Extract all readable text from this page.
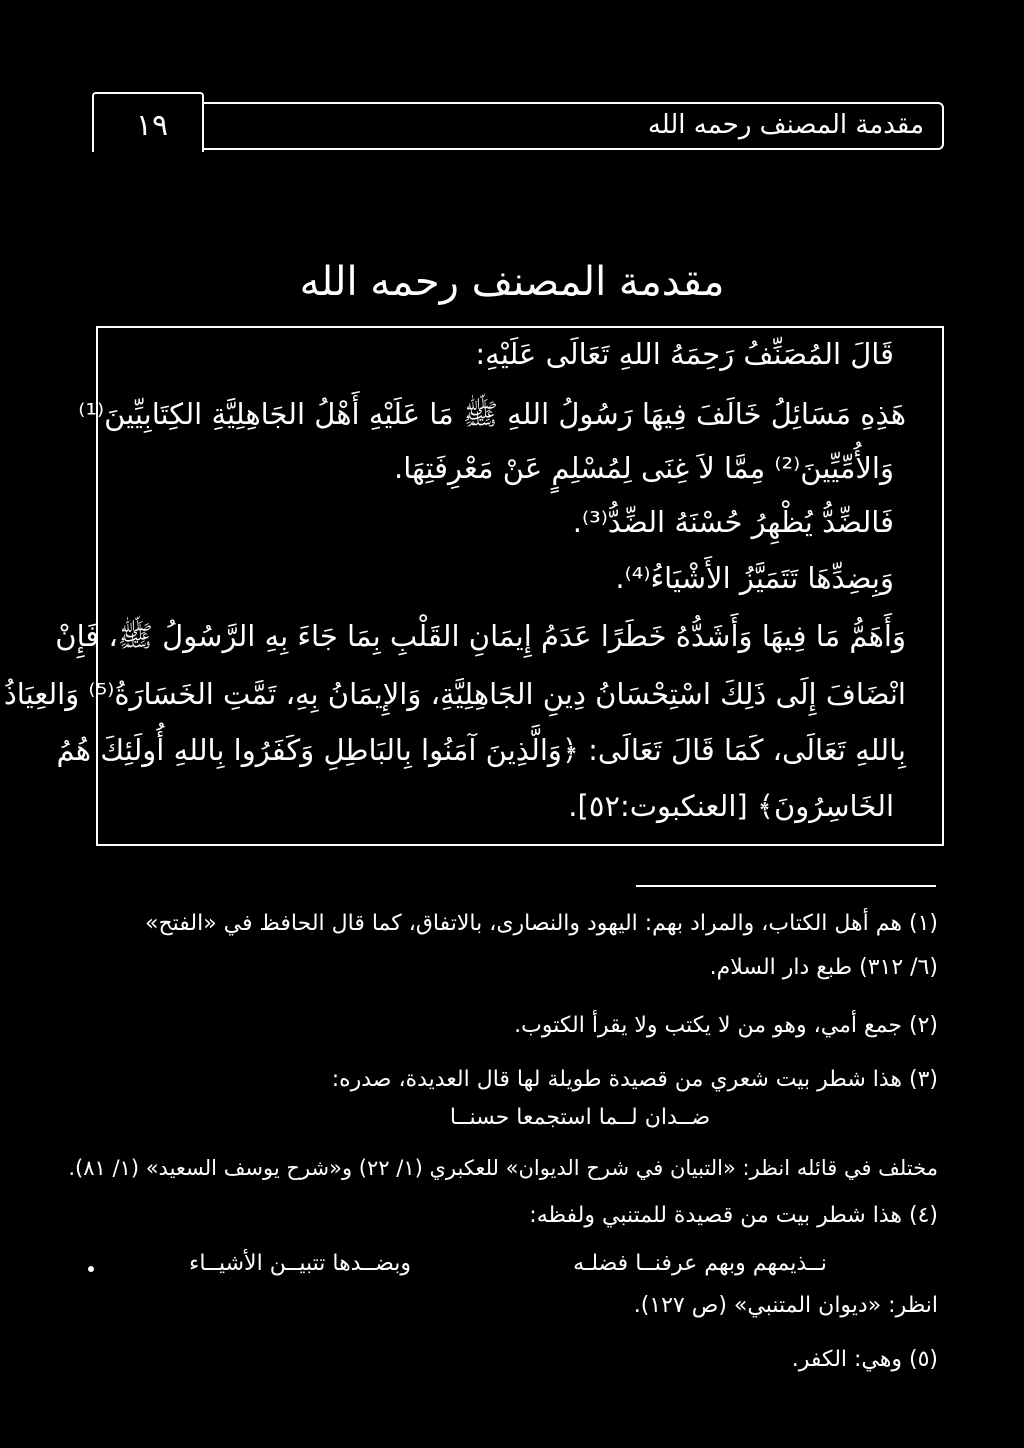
١٩	مقدمة المصنف رحمه الله
مقدمة المصنف رحمه الله
قَالَ المُصَنِّفُ رَحِمَهُ اللهِ تَعَالَى عَلَيْهِ:
هَذِهِ مَسَائِلُ خَالَفَ فِيهَا رَسُولُ اللهِ ﷺ مَا عَلَيْهِ أَهْلُ الجَاهِلِيَّةِ الكِتَابِيِّينَ⁽¹⁾
وَالأُمِّيِّينَ⁽²⁾ مِمَّا لاَ غِنَى لِمُسْلِمٍ عَنْ مَعْرِفَتِهَا.
فَالضِّدُّ يُظْهِرُ حُسْنَهُ الضِّدُّ⁽³⁾.
وَبِضِدِّهَا تَتَمَيَّزُ الأَشْيَاءُ⁽⁴⁾.
وَأَهَمُّ مَا فِيهَا وَأَشَدُّهُ خَطَرًا عَدَمُ إِيمَانِ القَلْبِ بِمَا جَاءَ بِهِ الرَّسُولُ ﷺ، فَإِنْ
انْضَافَ إِلَى ذَلِكَ اسْتِحْسَانُ دِينِ الجَاهِلِيَّةِ، وَالإِيمَانُ بِهِ، تَمَّتِ الخَسَارَةُ⁽⁵⁾ وَالعِيَاذُ
بِاللهِ تَعَالَى، كَمَا قَالَ تَعَالَى: ﴿وَالَّذِينَ آمَنُوا بِالبَاطِلِ وَكَفَرُوا بِاللهِ أُولَئِكَ هُمُ
الخَاسِرُونَ﴾ [العنكبوت:٥٢].
(١) هم أهل الكتاب، والمراد بهم: اليهود والنصارى، بالاتفاق، كما قال الحافظ في «الفتح»
(٦/ ٣١٢) طبع دار السلام.
(٢) جمع أمي، وهو من لا يكتب ولا يقرأ الكتوب.
(٣) هذا شطر بيت شعري من قصيدة طويلة لها قال العديدة، صدره:
ضــدان لــما استجمعا حسنــا
مختلف في قائله انظر: «التبيان في شرح الديوان» للعكبري (١/ ٢٢) و«شرح يوسف السعيد» (١/ ٨١).
(٤) هذا شطر بيت من قصيدة للمتنبي ولفظه:
نــذيمهم وبهم عرفنــا فضلـه
وبضــدها تتبيــن الأشيــاء
انظر: «ديوان المتنبي» (ص ١٢٧).
(٥) وهي: الكفر.
